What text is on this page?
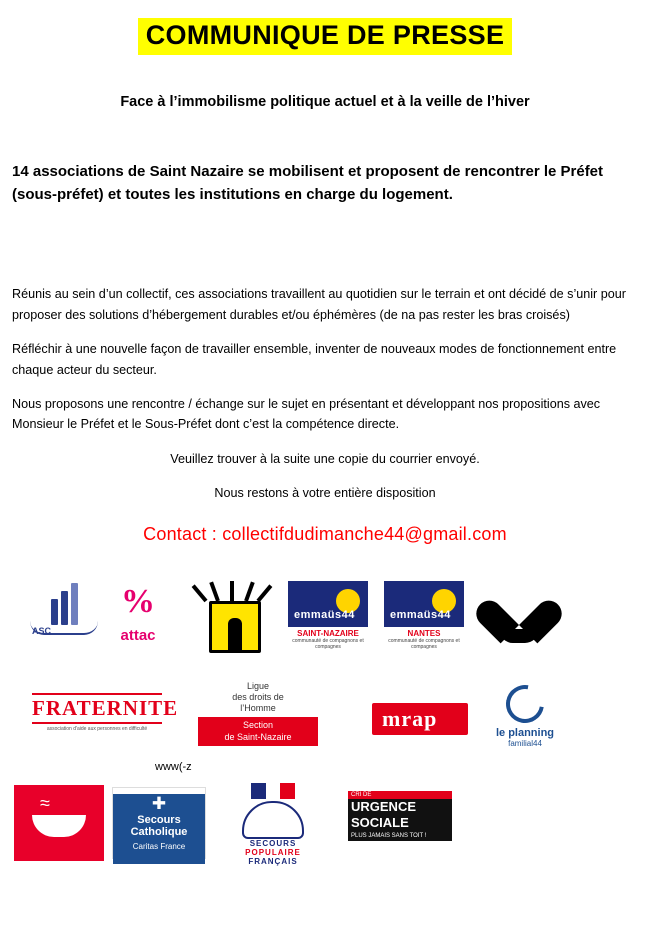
COMMUNIQUE DE PRESSE
Face à l’immobilisme politique actuel et à la veille de l’hiver
14 associations de Saint Nazaire se mobilisent et proposent de rencontrer le Préfet (sous-préfet) et toutes les institutions en charge du logement.
Réunis au sein d’un collectif, ces associations travaillent au quotidien sur le terrain et ont décidé de s’unir pour proposer des solutions d’hébergement durables et/ou éphémères (de na pas rester les bras croisés)
Réfléchir à une nouvelle façon de travailler ensemble, inventer de nouveaux modes de fonctionnement entre chaque acteur du secteur.
Nous proposons une rencontre / échange sur le sujet en présentant et développant nos propositions avec Monsieur le Préfet et le Sous-Préfet dont c’est la compétence directe.
Veuillez trouver à la suite une copie du courrier envoyé.
Nous restons à votre entière disposition
Contact : collectifdudimanche44@gmail.com
ASC
%
attac
emmaüs44
SAINT-NAZAIRE
communauté de compagnons et compagnes
emmaüs44
NANTES
communauté de compagnons et compagnes
FRATERNITE
association d'aide aux personnes en difficulté
Ligue
des droits de
l’Homme
Section
de Saint-Nazaire
mrap
le planning
familial44
www(-z
≈	✚
Secours
Catholique
Caritas France	SECOURS
POPULAIRE
FRANÇAIS
CRI DE
URGENCE
SOCIALE
PLUS JAMAIS SANS TOIT !
